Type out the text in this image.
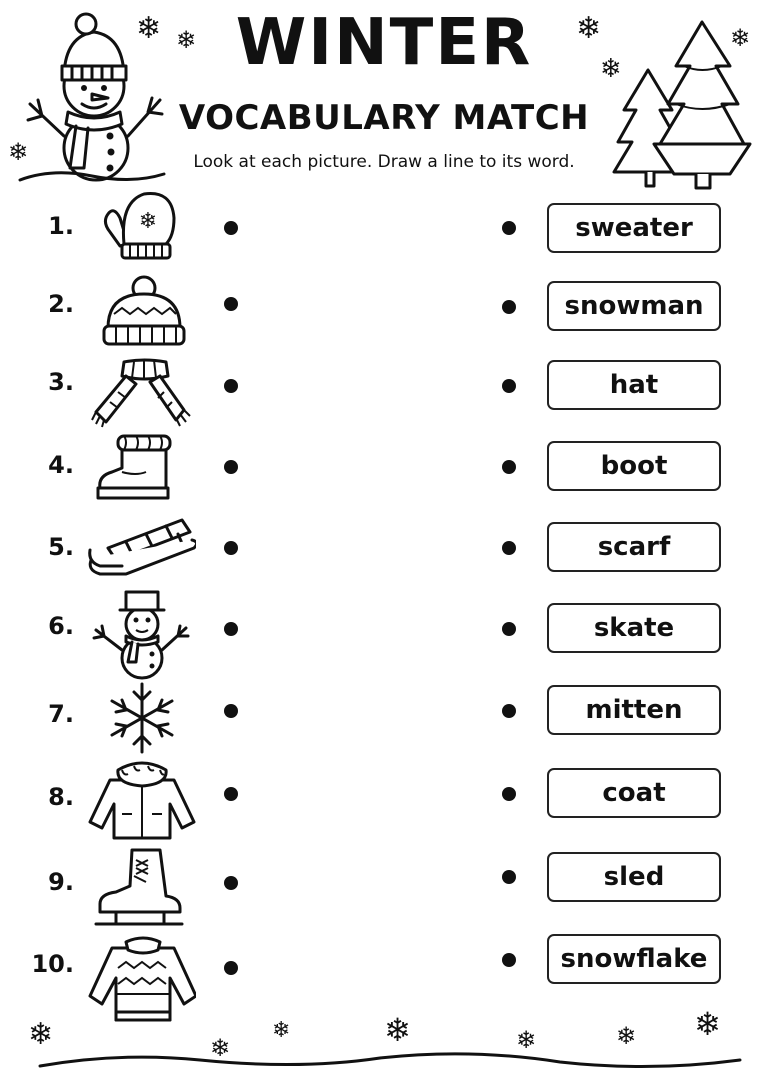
❄ ❄
❄
❄
❄
❄
WINTER
VOCABULARY MATCH
Look at each picture. Draw a line to its word.
1.	❄	sweater
2.	snowman
3.	hat
4.	boot
5.	scarf
6.	skate
7.	mitten
8.	coat
9.	sled
10.	snowflake
❄	❄
❄	❄	❄	❄ ❄
